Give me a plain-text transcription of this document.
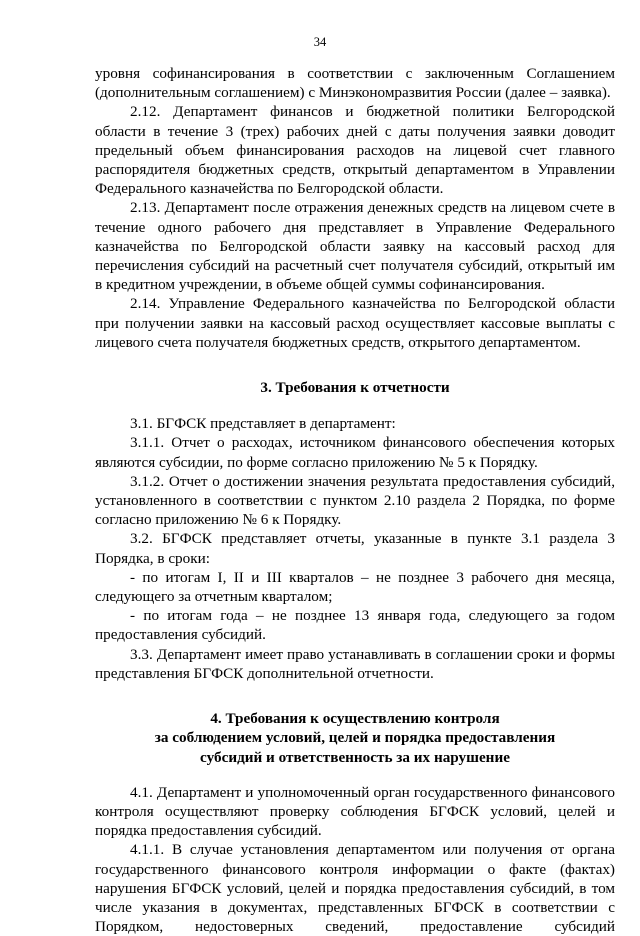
34

уровня софинансирования в соответствии с заключенным Соглашением (дополнительным соглашением) с Минэкономразвития России (далее – заявка).

2.12. Департамент финансов и бюджетной политики Белгородской области в течение 3 (трех) рабочих дней с даты получения заявки доводит предельный объем финансирования расходов на лицевой счет главного распорядителя бюджетных средств, открытый департаментом в Управлении Федерального казначейства по Белгородской области.

2.13. Департамент после отражения денежных средств на лицевом счете в течение одного рабочего дня представляет в Управление Федерального казначейства по Белгородской области заявку на кассовый расход для перечисления субсидий на расчетный счет получателя субсидий, открытый им в кредитном учреждении, в объеме общей суммы софинансирования.

2.14. Управление Федерального казначейства по Белгородской области при получении заявки на кассовый расход осуществляет кассовые выплаты с лицевого счета получателя бюджетных средств, открытого департаментом.

3. Требования к отчетности

3.1. БГФСК представляет в департамент:

3.1.1. Отчет о расходах, источником финансового обеспечения которых являются субсидии, по форме согласно приложению № 5 к Порядку.

3.1.2. Отчет о достижении значения результата предоставления субсидий, установленного в соответствии с пунктом 2.10 раздела 2 Порядка, по форме согласно приложению № 6 к Порядку.

3.2. БГФСК представляет отчеты, указанные в пункте 3.1 раздела 3 Порядка, в сроки:

- по итогам I, II и III кварталов – не позднее 3 рабочего дня месяца, следующего за отчетным кварталом;

- по итогам года – не позднее 13 января года, следующего за годом предоставления субсидий.

3.3. Департамент имеет право устанавливать в соглашении сроки и формы представления БГФСК дополнительной отчетности.

4. Требования к осуществлению контроля

за соблюдением условий, целей и порядка предоставления

субсидий и ответственность за их нарушение

4.1. Департамент и уполномоченный орган государственного финансового контроля осуществляют проверку соблюдения БГФСК условий, целей и порядка предоставления субсидий.

4.1.1. В случае установления департаментом или получения от органа государственного финансового контроля информации о факте (фактах) нарушения БГФСК условий, целей и порядка предоставления субсидий, в том числе указания в документах, представленных БГФСК в соответствии с Порядком, недостоверных сведений, предоставление субсидий
